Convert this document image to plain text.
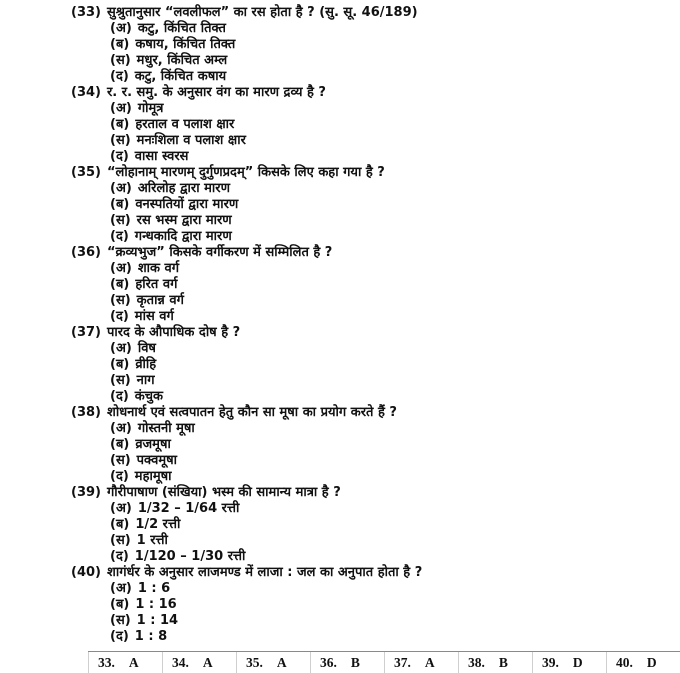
(33) सुश्रुतानुसार “लवलीफल” का रस होता है ? (सु. सू. 46/189)
(अ) कटु, किंचित तिक्त
(ब) कषाय, किंचित तिक्त
(स) मधुर, किंचित अम्ल
(द) कटु, किंचित कषाय
(34) र. र. समु. के अनुसार वंग का मारण द्रव्य है ?
(अ) गोमूत्र
(ब) हरताल व पलाश क्षार
(स) मनःशिला व पलाश क्षार
(द) वासा स्वरस
(35) “लोहानाम् मारणम् दुर्गुणप्रदम्” किसके लिए कहा गया है ?
(अ) अरिलोह द्वारा मारण
(ब) वनस्पतियों द्वारा मारण
(स) रस भस्म द्वारा मारण
(द) गन्धकादि द्वारा मारण
(36) “क्रव्यभुज” किसके वर्गीकरण में सम्मिलित है ?
(अ) शाक वर्ग
(ब) हरित वर्ग
(स) कृतान्न वर्ग
(द) मांस वर्ग
(37) पारद के औपाधिक दोष है ?
(अ) विष
(ब) व्रीहि
(स) नाग
(द) कंचुक
(38) शोधनार्थ एवं सत्वपातन हेतु कौन सा मूषा का प्रयोग करते हैं ?
(अ) गोस्तनी मूषा
(ब) व्रजमूषा
(स) पक्वमूषा
(द) महामूषा
(39) गौरीपाषाण (संखिया) भस्म की सामान्य मात्रा है ?
(अ) 1/32 – 1/64 रत्ती
(ब) 1/2 रत्ती
(स) 1 रत्ती
(द) 1/120 – 1/30 रत्ती
(40) शागंर्धर के अनुसार लाजमण्ड में लाजा : जल का अनुपात होता है ?
(अ) 1 : 6
(ब) 1 : 16
(स) 1 : 14
(द) 1 : 8
33. A 34. A 35. A 36. B	37. A 38. B	39. D 40. D
